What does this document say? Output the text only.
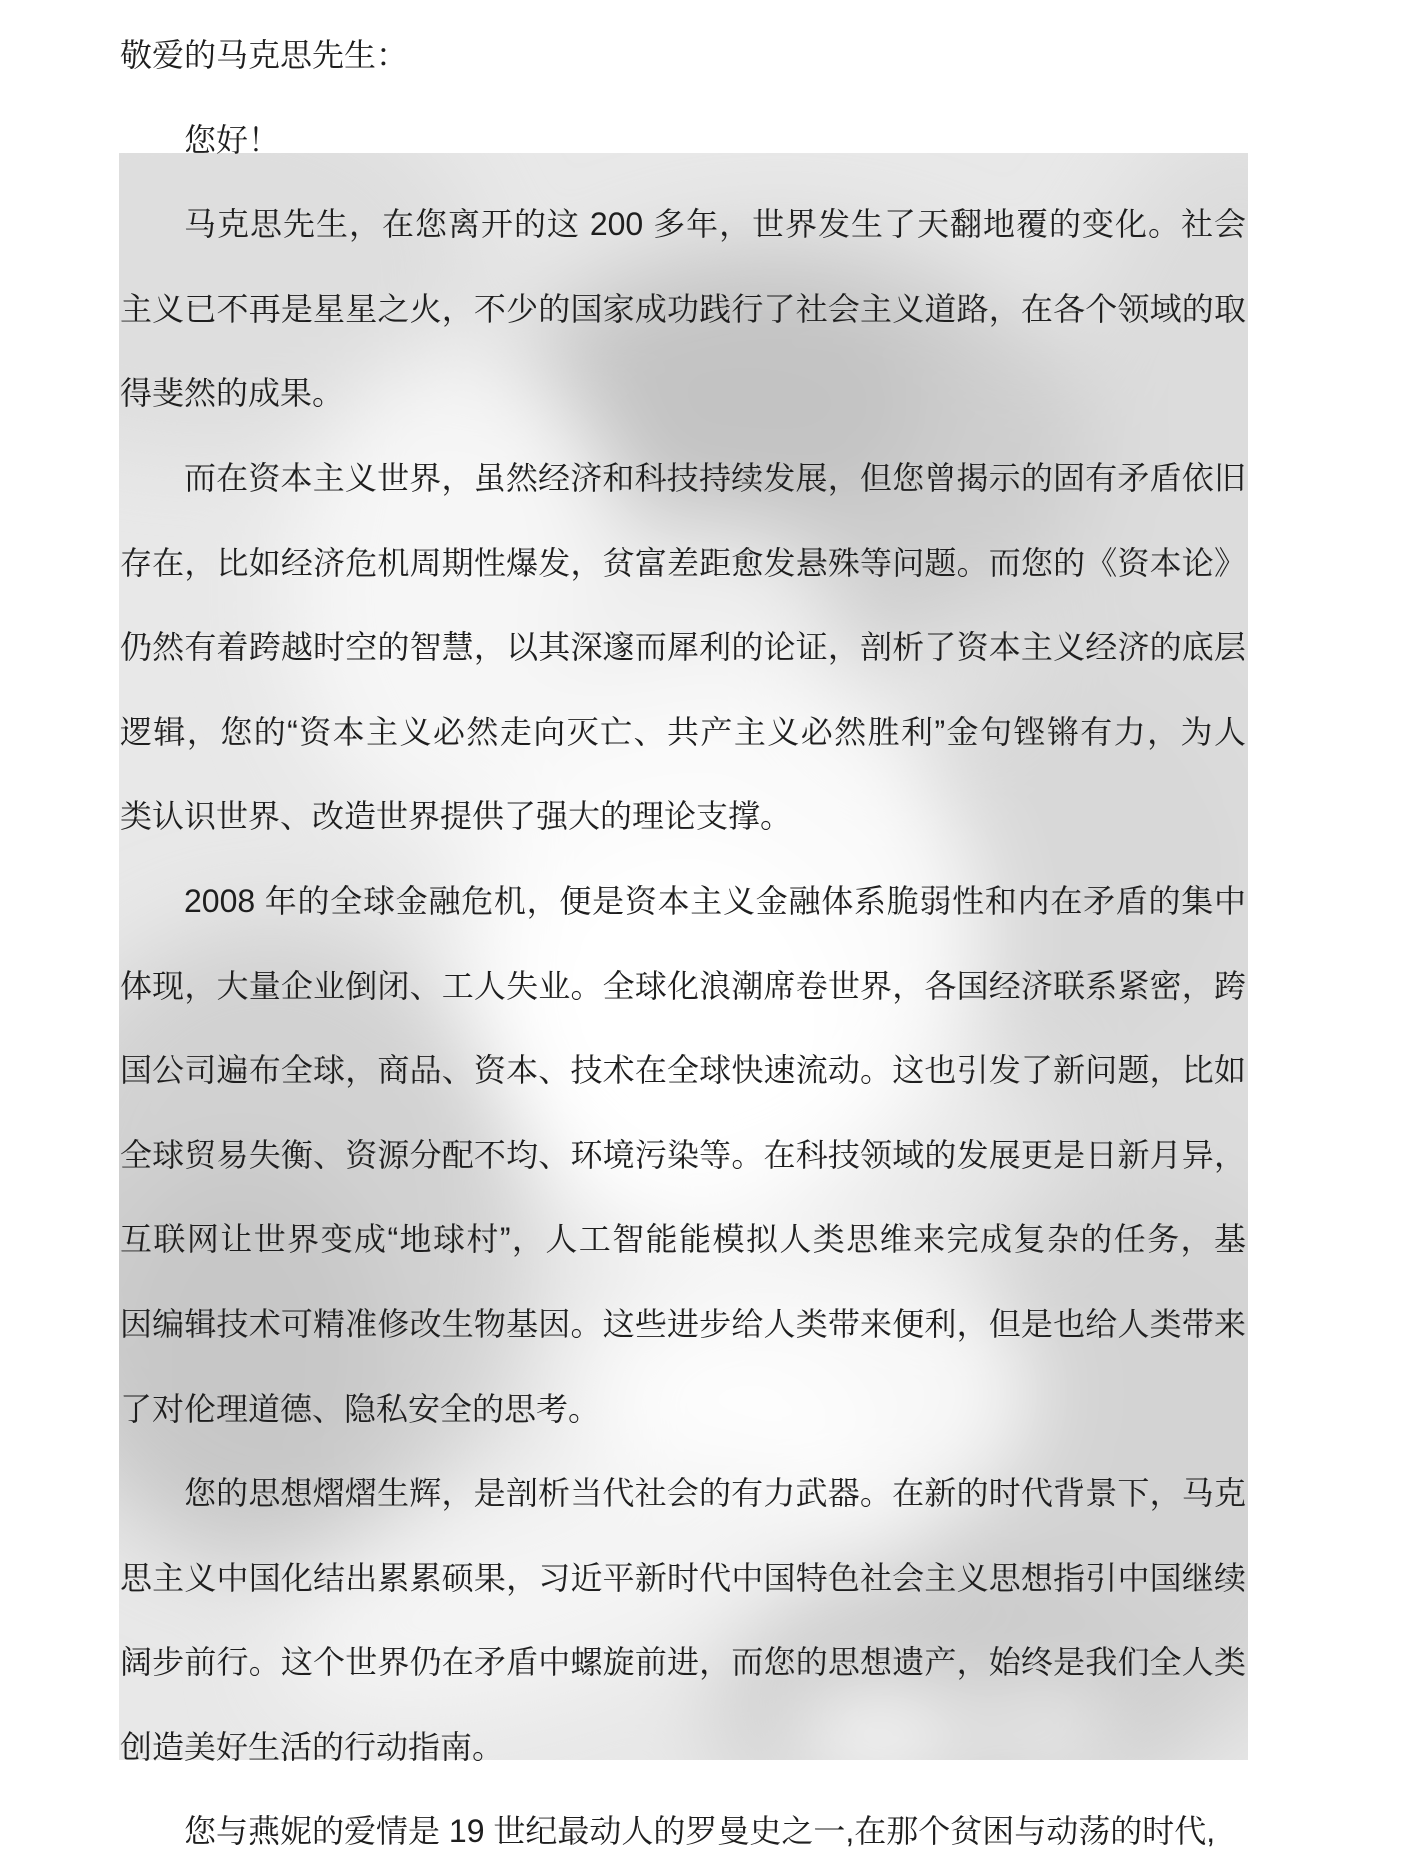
敬爱的马克思先生：
您好！
马克思先生，在您离开的这 200 多年，世界发生了天翻地覆的变化。社会
主义已不再是星星之火，不少的国家成功践行了社会主义道路，在各个领域的取
得斐然的成果。
而在资本主义世界，虽然经济和科技持续发展，但您曾揭示的固有矛盾依旧
存在，比如经济危机周期性爆发，贫富差距愈发悬殊等问题。而您的《资本论》
仍然有着跨越时空的智慧，以其深邃而犀利的论证，剖析了资本主义经济的底层
逻辑，您的“资本主义必然走向灭亡、共产主义必然胜利”金句铿锵有力，为人
类认识世界、改造世界提供了强大的理论支撑。
2008 年的全球金融危机，便是资本主义金融体系脆弱性和内在矛盾的集中
体现，大量企业倒闭、工人失业。全球化浪潮席卷世界，各国经济联系紧密，跨
国公司遍布全球，商品、资本、技术在全球快速流动。这也引发了新问题，比如
全球贸易失衡、资源分配不均、环境污染等。在科技领域的发展更是日新月异，
互联网让世界变成“地球村”，人工智能能模拟人类思维来完成复杂的任务，基
因编辑技术可精准修改生物基因。这些进步给人类带来便利，但是也给人类带来
了对伦理道德、隐私安全的思考。
您的思想熠熠生辉，是剖析当代社会的有力武器。在新的时代背景下，马克
思主义中国化结出累累硕果，习近平新时代中国特色社会主义思想指引中国继续
阔步前行。这个世界仍在矛盾中螺旋前进，而您的思想遗产，始终是我们全人类
创造美好生活的行动指南。
您与燕妮的爱情是 19 世纪最动人的罗曼史之一,在那个贫困与动荡的时代,
